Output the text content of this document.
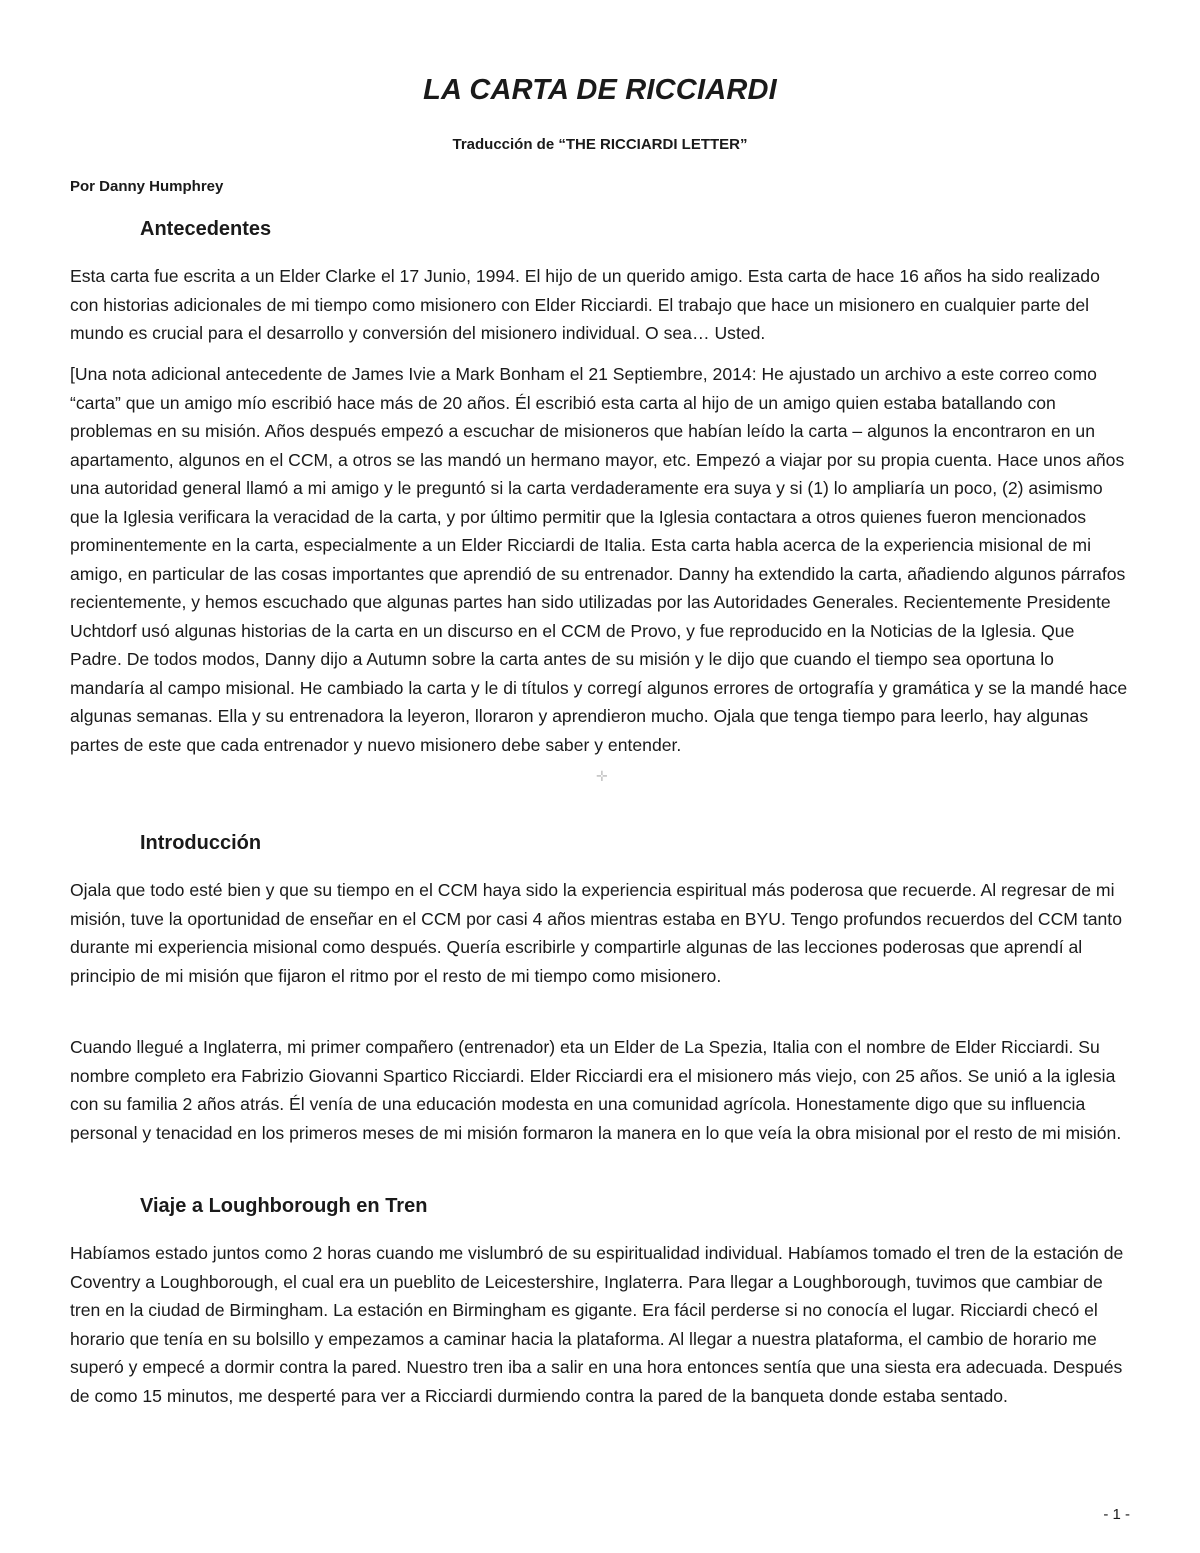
LA CARTA DE RICCIARDI
Traducción de “THE RICCIARDI LETTER”
Por Danny Humphrey
Antecedentes

Esta carta fue escrita a un Elder Clarke el 17 Junio, 1994. El hijo de un querido amigo. Esta carta de hace 16 años ha sido realizado con historias adicionales de mi tiempo como misionero con Elder Ricciardi. El trabajo que hace un misionero en cualquier parte del mundo es crucial para el desarrollo y conversión del misionero individual. O sea… Usted.

[Una nota adicional antecedente de James Ivie a Mark Bonham el 21 Septiembre, 2014: He ajustado un archivo a este correo como “carta” que un amigo mío escribió hace más de 20 años. Él escribió esta carta al hijo de un amigo quien estaba batallando con problemas en su misión. Años después empezó a escuchar de misioneros que habían leído la carta – algunos la encontraron en un apartamento, algunos en el CCM, a otros se las mandó un hermano mayor, etc. Empezó a viajar por su propia cuenta. Hace unos años una autoridad general llamó a mi amigo y le preguntó si la carta verdaderamente era suya y si (1) lo ampliaría un poco, (2) asimismo que la Iglesia verificara la veracidad de la carta, y por último permitir que la Iglesia contactara a otros quienes fueron mencionados prominentemente en la carta, especialmente a un Elder Ricciardi de Italia. Esta carta habla acerca de la experiencia misional de mi amigo, en particular de las cosas importantes que aprendió de su entrenador. Danny ha extendido la carta, añadiendo algunos párrafos recientemente, y hemos escuchado que algunas partes han sido utilizadas por las Autoridades Generales. Recientemente Presidente Uchtdorf usó algunas historias de la carta en un discurso en el CCM de Provo, y fue reproducido en la Noticias de la Iglesia. Que Padre. De todos modos, Danny dijo a Autumn sobre la carta antes de su misión y le dijo que cuando el tiempo sea oportuna lo mandaría al campo misional. He cambiado la carta y le di títulos y corregí algunos errores de ortografía y gramática y se la mandé hace algunas semanas. Ella y su entrenadora la leyeron, lloraron y aprendieron mucho. Ojala que tenga tiempo para leerlo, hay algunas partes de este que cada entrenador y nuevo misionero debe saber y entender.

Introducción

Ojala que todo esté bien y que su tiempo en el CCM haya sido la experiencia espiritual más poderosa que recuerde. Al regresar de mi misión, tuve la oportunidad de enseñar en el CCM por casi 4 años mientras estaba en BYU. Tengo profundos recuerdos del CCM tanto durante mi experiencia misional como después. Quería escribirle y compartirle algunas de las lecciones poderosas que aprendí al principio de mi misión que fijaron el ritmo por el resto de mi tiempo como misionero.

Cuando llegué a Inglaterra, mi primer compañero (entrenador) eta un Elder de La Spezia, Italia con el nombre de Elder Ricciardi. Su nombre completo era Fabrizio Giovanni Spartico Ricciardi. Elder Ricciardi era el misionero más viejo, con 25 años. Se unió a la iglesia con su familia 2 años atrás. Él venía de una educación modesta en una comunidad agrícola. Honestamente digo que su influencia personal y tenacidad en los primeros meses de mi misión formaron la manera en lo que veía la obra misional por el resto de mi misión.

Viaje a Loughborough en Tren

Habíamos estado juntos como 2 horas cuando me vislumbró de su espiritualidad individual. Habíamos tomado el tren de la estación de Coventry a Loughborough, el cual era un pueblito de Leicestershire, Inglaterra. Para llegar a Loughborough, tuvimos que cambiar de tren en la ciudad de Birmingham. La estación en Birmingham es gigante. Era fácil perderse si no conocía el lugar. Ricciardi checó el horario que tenía en su bolsillo y empezamos a caminar hacia la plataforma. Al llegar a nuestra plataforma, el cambio de horario me superó y empecé a dormir contra la pared. Nuestro tren iba a salir en una hora entonces sentía que una siesta era adecuada. Después de como 15 minutos, me desperté para ver a Ricciardi durmiendo contra la pared de la banqueta donde estaba sentado.

- 1 -
✛
